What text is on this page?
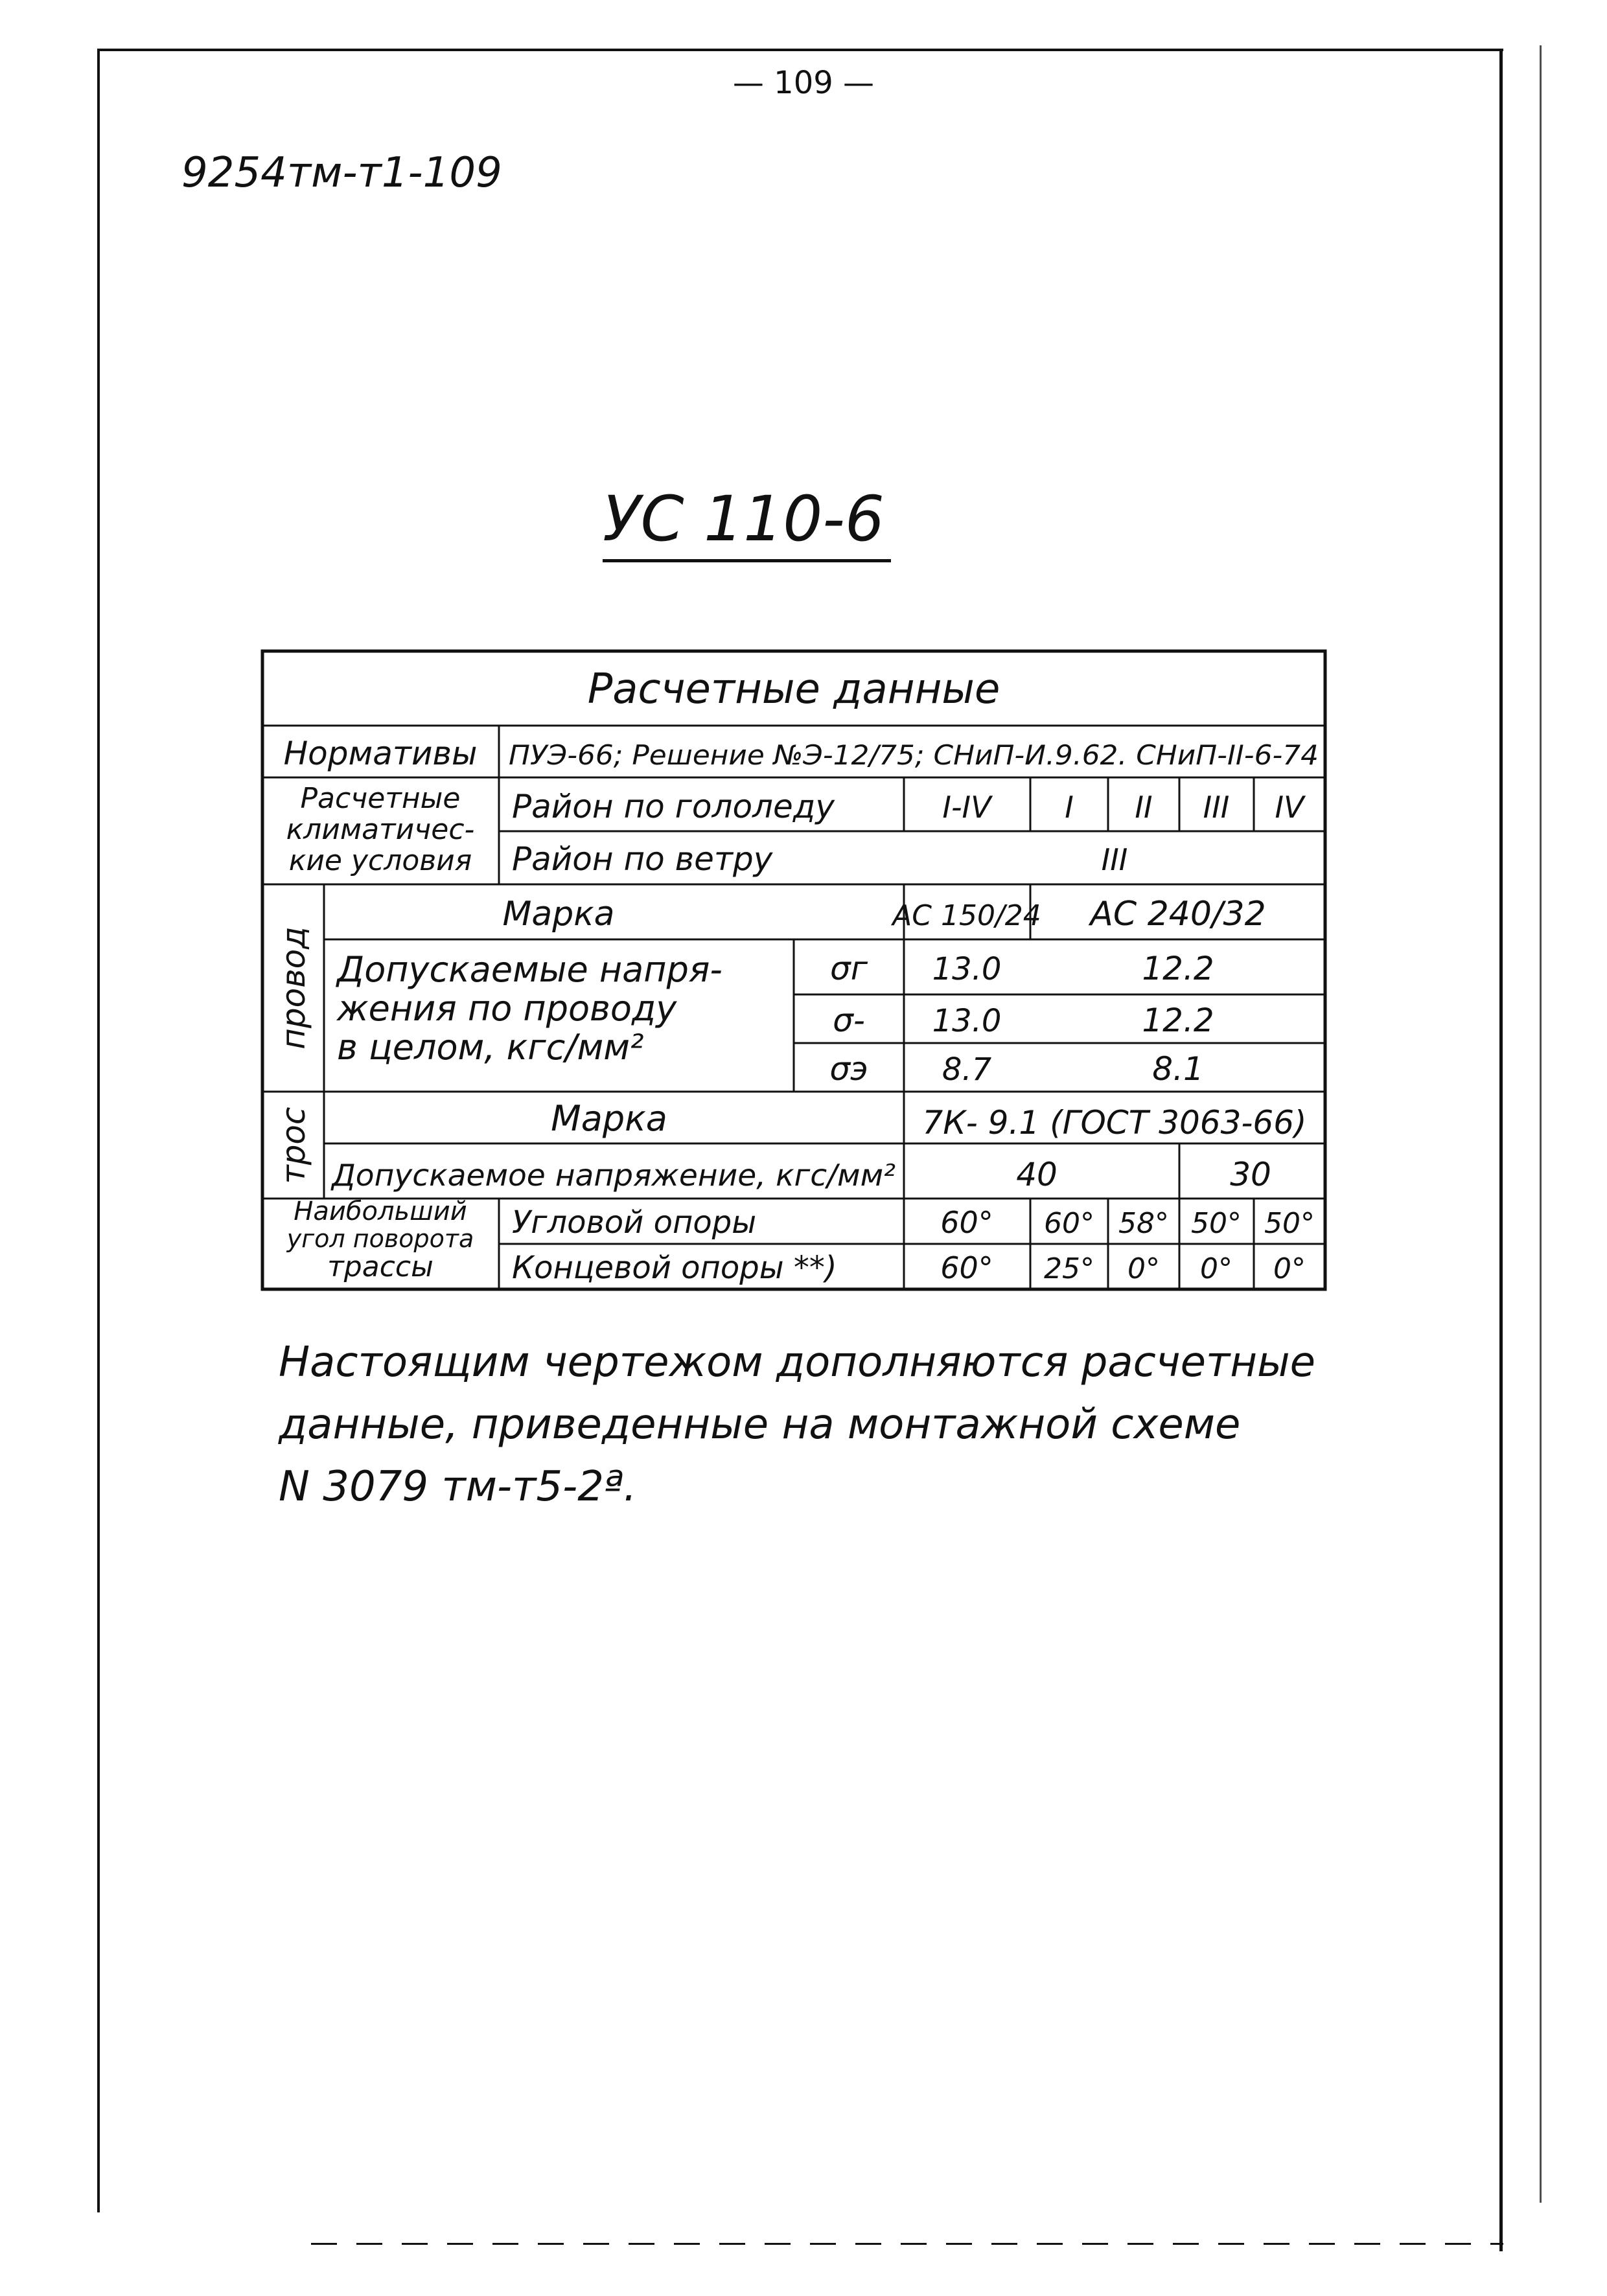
— 109 —
9254тм-т1-109
УС 110-6
Расчетные данные
Нормативы ПУЭ-66; Решение №Э-12/75; СНиП-И.9.62. СНиП-II-6-74
Расчетные
климатичес-
кие условия
Район по гололеду	I-IV I II III IV
Район по ветру	III
провод
Марка	АС 150/24 АС 240/32
Допускаемые напря-
жения по проводу
в целом, кгс/мм²
σг 13.0	12.2
σ- 13.0	12.2
σэ 8.7	8.1
трос	Марка	7К- 9.1 (ГОСТ 3063-66)
Допускаемое напряжение, кгс/мм²	40	30
Наибольший
угол поворота
трассы
Угловой опоры	60° 60° 58° 50° 50°
Концевой опоры **)	60° 25° 0° 0° 0°

Настоящим чертежом дополняются расчетные

данные, приведенные на монтажной схеме

N 3079 тм-т5-2ª.
